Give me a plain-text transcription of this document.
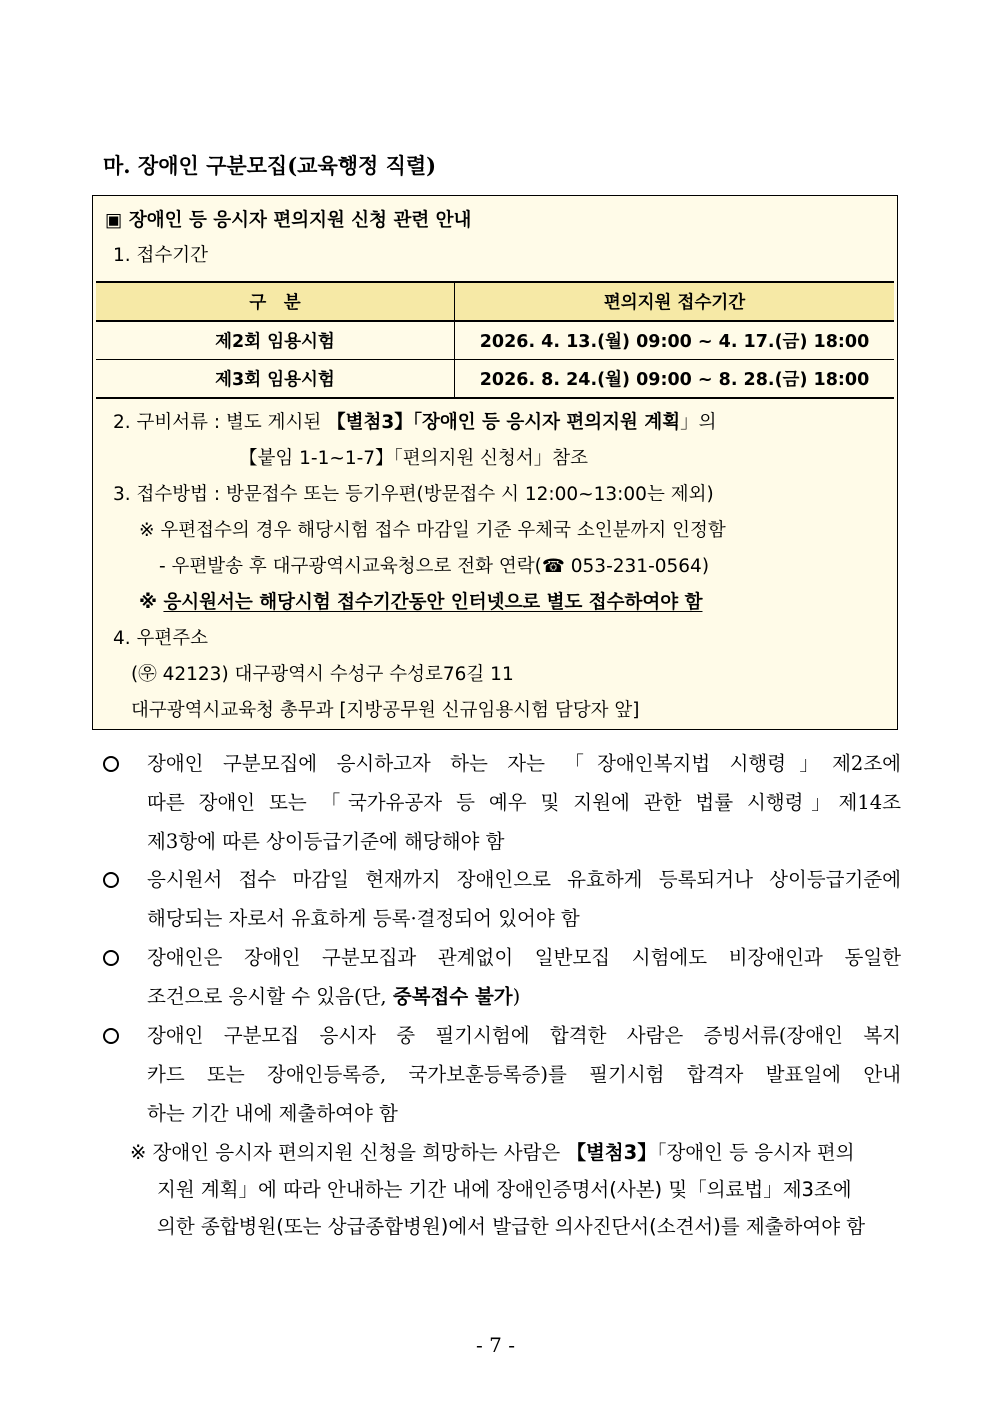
마. 장애인 구분모집(교육행정 직렬)
▣ 장애인 등 응시자 편의지원 신청 관련 안내
1. 접수기간
구　분	편의지원 접수기간
제2회 임용시험	2026. 4. 13.(월) 09:00 ~ 4. 17.(금) 18:00
제3회 임용시험	2026. 8. 24.(월) 09:00 ~ 8. 28.(금) 18:00
2. 구비서류 : 별도 게시된 【별첨3】「장애인 등 응시자 편의지원 계획」의
【붙임 1-1~1-7】「편의지원 신청서」참조
3. 접수방법 : 방문접수 또는 등기우편(방문접수 시 12:00~13:00는 제외)
※ 우편접수의 경우 해당시험 접수 마감일 기준 우체국 소인분까지 인정함
- 우편발송 후 대구광역시교육청으로 전화 연락(☎ 053-231-0564)
※ 응시원서는 해당시험 접수기간동안 인터넷으로 별도 접수하여야 함
4. 우편주소
(㉾ 42123) 대구광역시 수성구 수성로76길 11
대구광역시교육청 총무과 [지방공무원 신규임용시험 담당자 앞]
장애인 구분모집에 응시하고자 하는 자는 「장애인복지법 시행령」제2조에
따른 장애인 또는 「국가유공자 등 예우 및 지원에 관한 법률 시행령」제14조
제3항에 따른 상이등급기준에 해당해야 함
응시원서 접수 마감일 현재까지 장애인으로 유효하게 등록되거나 상이등급기준에
해당되는 자로서 유효하게 등록·결정되어 있어야 함
장애인은 장애인 구분모집과 관계없이 일반모집 시험에도 비장애인과 동일한
조건으로 응시할 수 있음(단, 중복접수 불가)
장애인 구분모집 응시자 중 필기시험에 합격한 사람은 증빙서류(장애인 복지
카드 또는 장애인등록증, 국가보훈등록증)를 필기시험 합격자 발표일에 안내
하는 기간 내에 제출하여야 함
※ 장애인 응시자 편의지원 신청을 희망하는 사람은 【별첨3】「장애인 등 응시자 편의
지원 계획」에 따라 안내하는 기간 내에 장애인증명서(사본) 및「의료법」제3조에
의한 종합병원(또는 상급종합병원)에서 발급한 의사진단서(소견서)를 제출하여야 함
- 7 -
